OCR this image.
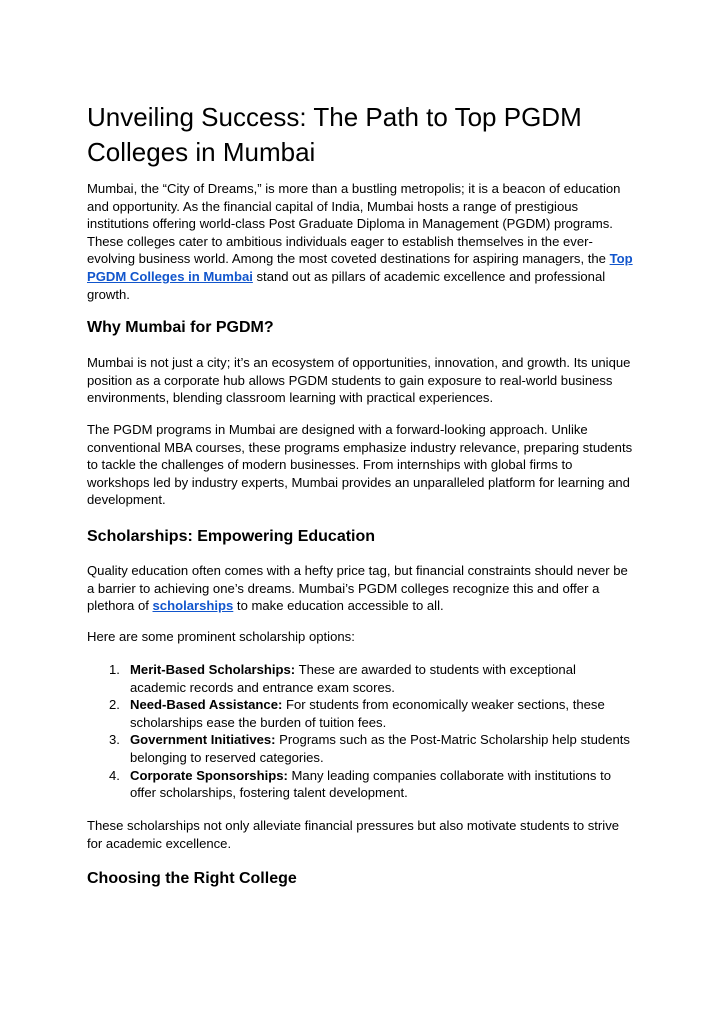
Unveiling Success: The Path to Top PGDM Colleges in Mumbai

Mumbai, the “City of Dreams,” is more than a bustling metropolis; it is a beacon of education and opportunity. As the financial capital of India, Mumbai hosts a range of prestigious institutions offering world-class Post Graduate Diploma in Management (PGDM) programs. These colleges cater to ambitious individuals eager to establish themselves in the ever-evolving business world. Among the most coveted destinations for aspiring managers, the Top PGDM Colleges in Mumbai stand out as pillars of academic excellence and professional growth.

Why Mumbai for PGDM?

Mumbai is not just a city; it’s an ecosystem of opportunities, innovation, and growth. Its unique position as a corporate hub allows PGDM students to gain exposure to real-world business environments, blending classroom learning with practical experiences.

The PGDM programs in Mumbai are designed with a forward-looking approach. Unlike conventional MBA courses, these programs emphasize industry relevance, preparing students to tackle the challenges of modern businesses. From internships with global firms to workshops led by industry experts, Mumbai provides an unparalleled platform for learning and development.

Scholarships: Empowering Education

Quality education often comes with a hefty price tag, but financial constraints should never be a barrier to achieving one’s dreams. Mumbai’s PGDM colleges recognize this and offer a plethora of scholarships to make education accessible to all.

Here are some prominent scholarship options:

1. Merit-Based Scholarships: These are awarded to students with exceptional academic records and entrance exam scores.
2. Need-Based Assistance: For students from economically weaker sections, these scholarships ease the burden of tuition fees.
3. Government Initiatives: Programs such as the Post-Matric Scholarship help students belonging to reserved categories.
4. Corporate Sponsorships: Many leading companies collaborate with institutions to offer scholarships, fostering talent development.

These scholarships not only alleviate financial pressures but also motivate students to strive for academic excellence.

Choosing the Right College
